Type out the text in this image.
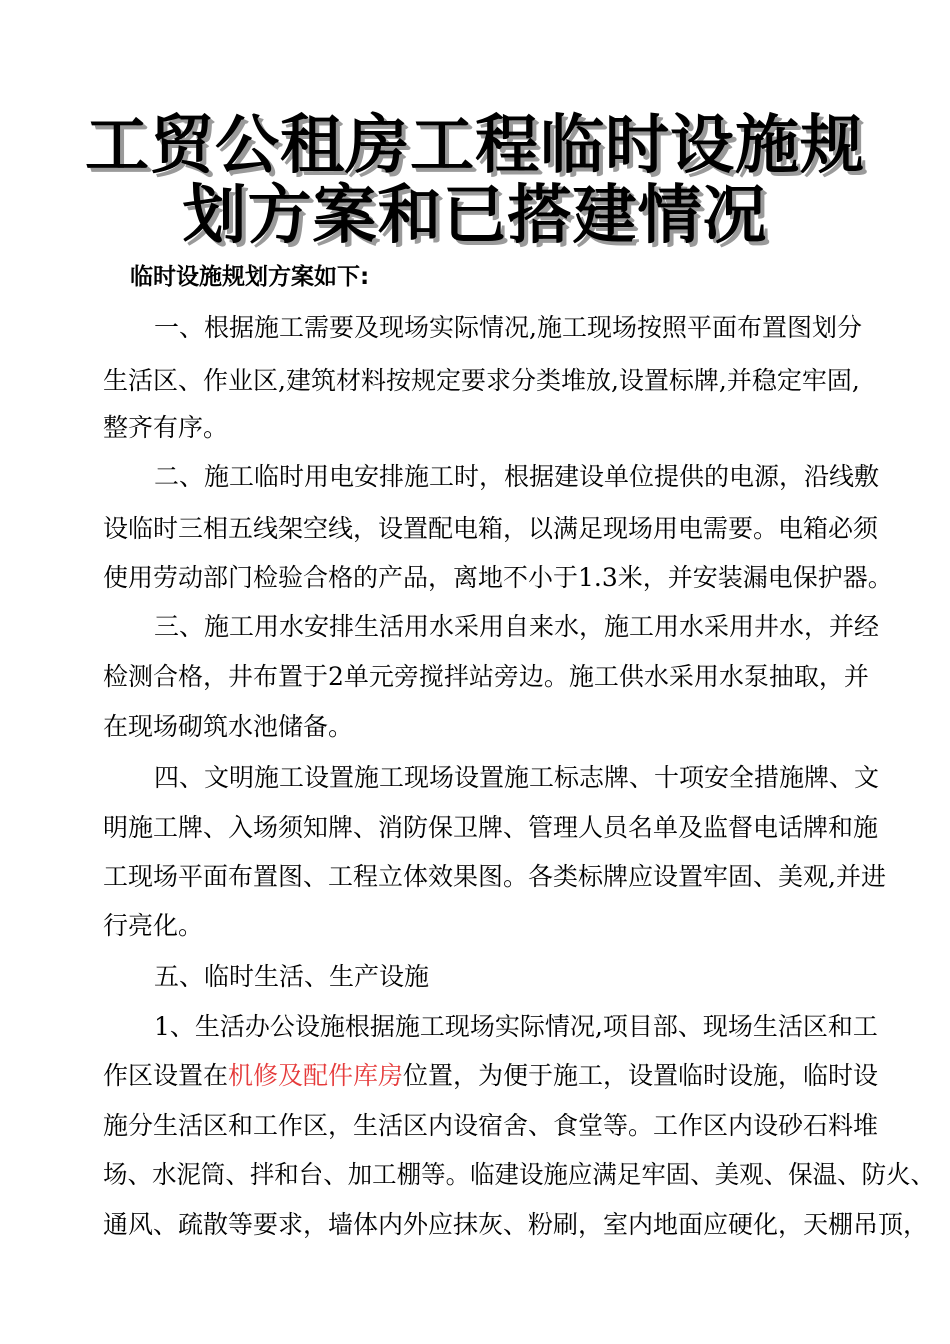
工贸公租房工程临时设施规
划方案和已搭建情况
临时设施规划方案如下:
一、根据施工需要及现场实际情况,施工现场按照平面布置图划分
生活区、作业区,建筑材料按规定要求分类堆放,设置标牌,并稳定牢固,
整齐有序。
二、施工临时用电安排施工时，根据建设单位提供的电源，沿线敷
设临时三相五线架空线，设置配电箱，以满足现场用电需要。电箱必须
使用劳动部门检验合格的产品，离地不小于1.3米，并安装漏电保护器。
三、施工用水安排生活用水采用自来水，施工用水采用井水，并经
检测合格，井布置于2单元旁搅拌站旁边。施工供水采用水泵抽取，并
在现场砌筑水池储备。
四、文明施工设置施工现场设置施工标志牌、十项安全措施牌、文
明施工牌、入场须知牌、消防保卫牌、管理人员名单及监督电话牌和施
工现场平面布置图、工程立体效果图。各类标牌应设置牢固、美观,并进
行亮化。
五、临时生活、生产设施
1、生活办公设施根据施工现场实际情况,项目部、现场生活区和工
作区设置在机修及配件库房位置，为便于施工，设置临时设施，临时设
施分生活区和工作区，生活区内设宿舍、食堂等。工作区内设砂石料堆
场、水泥筒、拌和台、加工棚等。临建设施应满足牢固、美观、保温、防火、
通风、疏散等要求，墙体内外应抹灰、粉刷，室内地面应硬化，天棚吊顶，
